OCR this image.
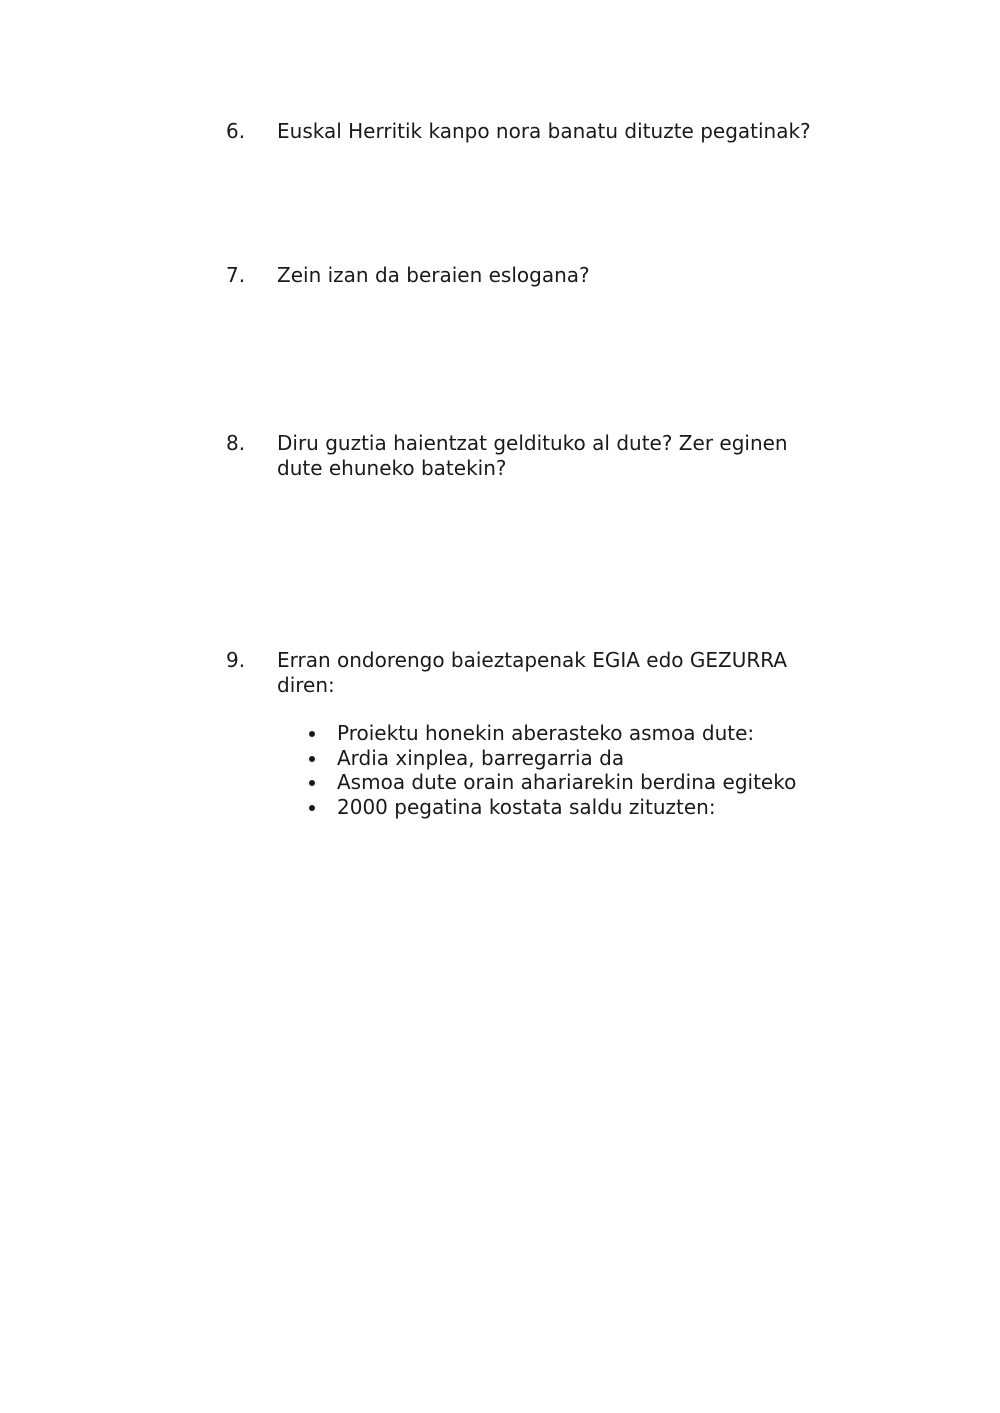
6. Euskal Herritik kanpo nora banatu dituzte pegatinak?
7. Zein izan da beraien eslogana?
8. Diru guztia haientzat geldituko al dute? Zer eginen dute ehuneko batekin?
9. Erran ondorengo baieztapenak EGIA edo GEZURRA diren:
Proiektu honekin aberasteko asmoa dute:
Ardia xinplea, barregarria da
Asmoa dute orain ahariarekin berdina egiteko
2000 pegatina kostata saldu zituzten:
